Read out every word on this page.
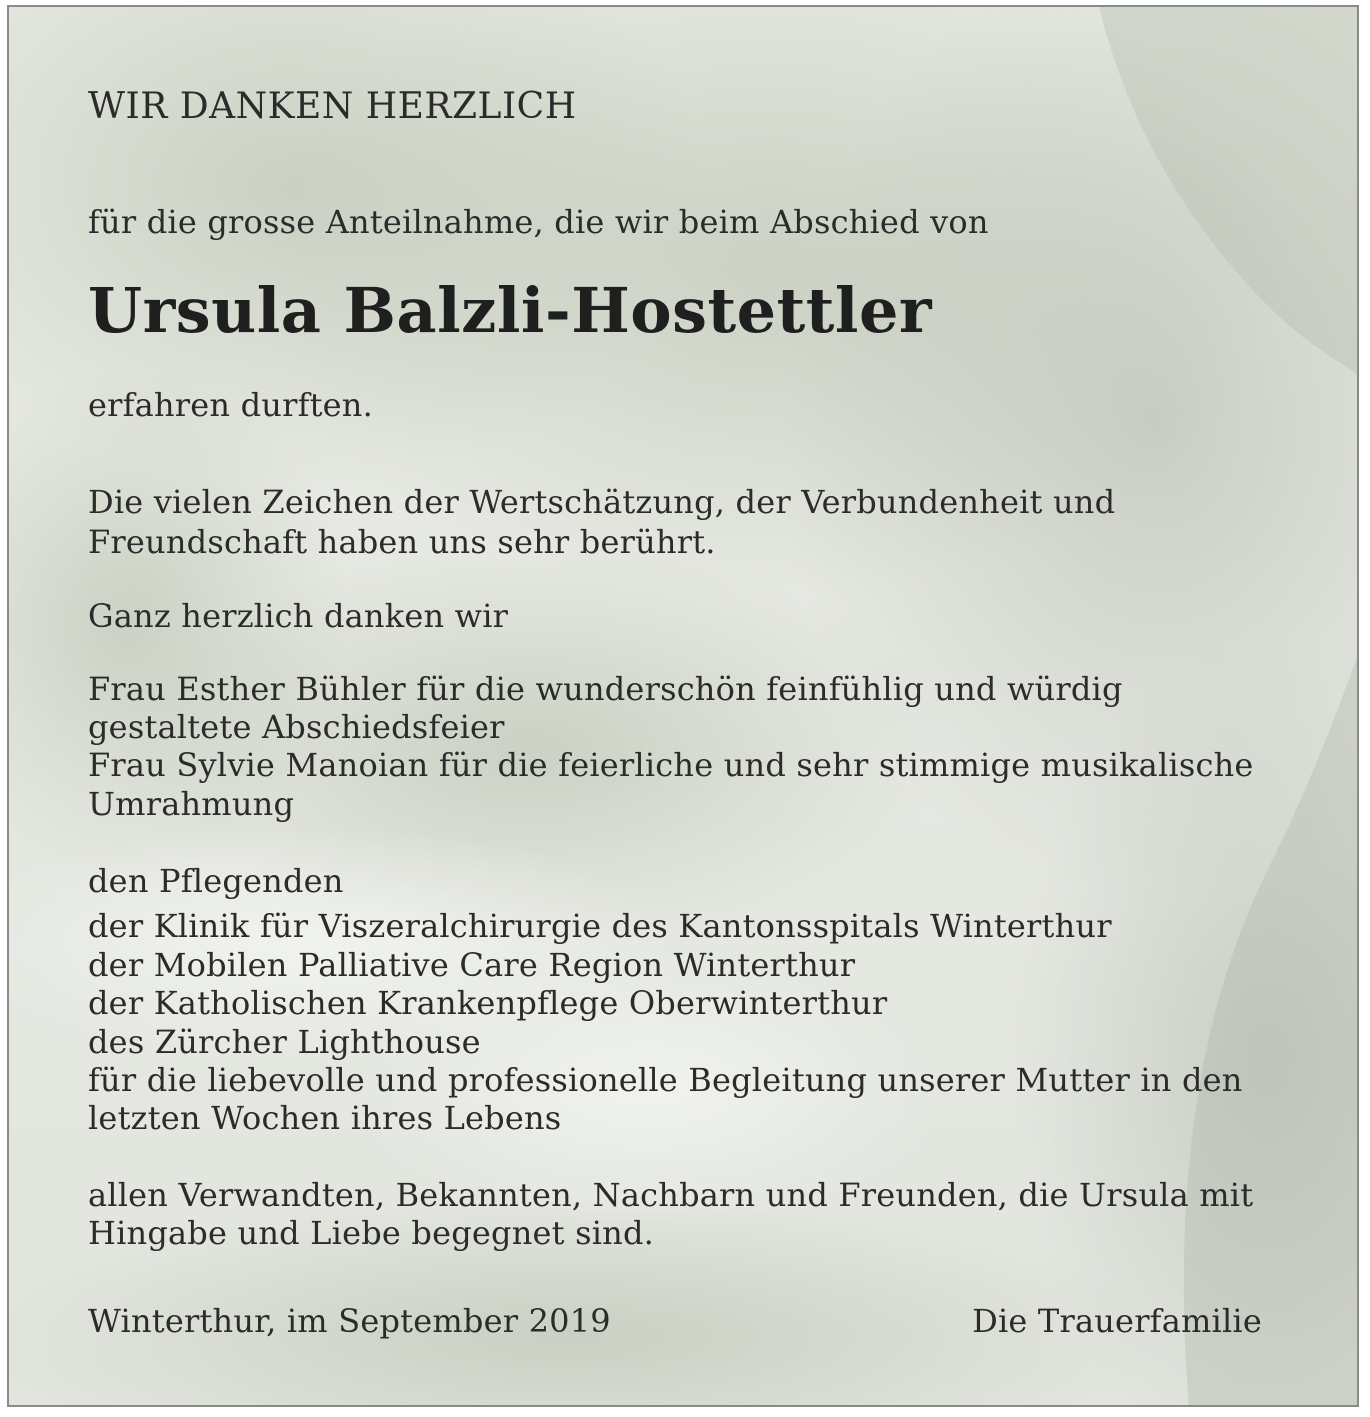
WIR DANKEN HERZLICH
für die grosse Anteilnahme, die wir beim Abschied von
Ursula Balzli-Hostettler
erfahren durften.
Die vielen Zeichen der Wertschätzung, der Verbundenheit und
Freundschaft haben uns sehr berührt.
Ganz herzlich danken wir
Frau Esther Bühler für die wunderschön feinfühlig und würdig
gestaltete Abschiedsfeier
Frau Sylvie Manoian für die feierliche und sehr stimmige musikalische
Umrahmung
den Pflegenden
der Klinik für Viszeralchirurgie des Kantonsspitals Winterthur
der Mobilen Palliative Care Region Winterthur
der Katholischen Krankenpflege Oberwinterthur
des Zürcher Lighthouse
für die liebevolle und professionelle Begleitung unserer Mutter in den
letzten Wochen ihres Lebens
allen Verwandten, Bekannten, Nachbarn und Freunden, die Ursula mit
Hingabe und Liebe begegnet sind.
Winterthur, im September 2019	Die Trauerfamilie
